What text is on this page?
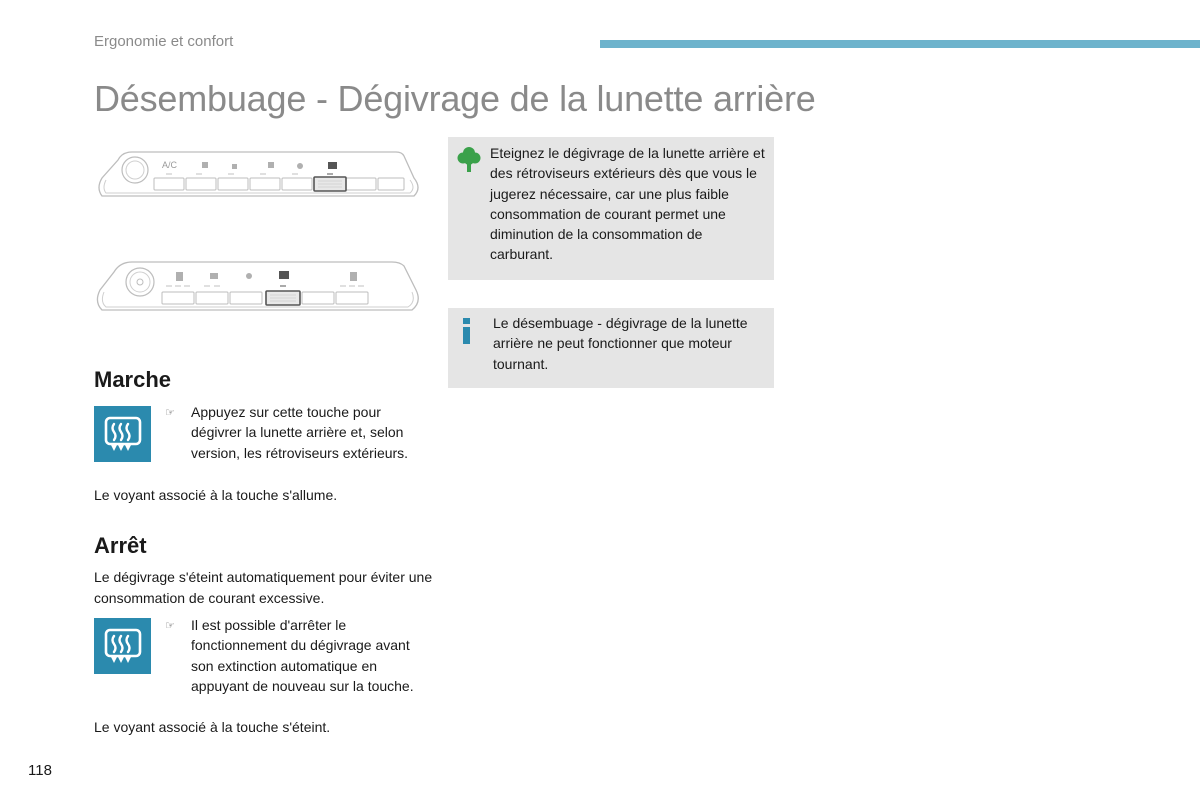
Ergonomie et confort
Désembuage - Dégivrage de la lunette arrière
A/C
Marche
☞	Appuyez sur cette touche pour dégivrer la lunette arrière et, selon version, les rétroviseurs extérieurs.
Le voyant associé à la touche s'allume.
Arrêt
Le dégivrage s'éteint automatiquement pour éviter une consommation de courant excessive.
☞	Il est possible d'arrêter le fonctionnement du dégivrage avant son extinction automatique en appuyant de nouveau sur la touche.
Le voyant associé à la touche s'éteint.
Eteignez le dégivrage de la lunette arrière et des rétroviseurs extérieurs dès que vous le jugerez nécessaire, car une plus faible consommation de courant permet une diminution de la consommation de carburant.
Le désembuage - dégivrage de la lunette arrière ne peut fonctionner que moteur tournant.
118
